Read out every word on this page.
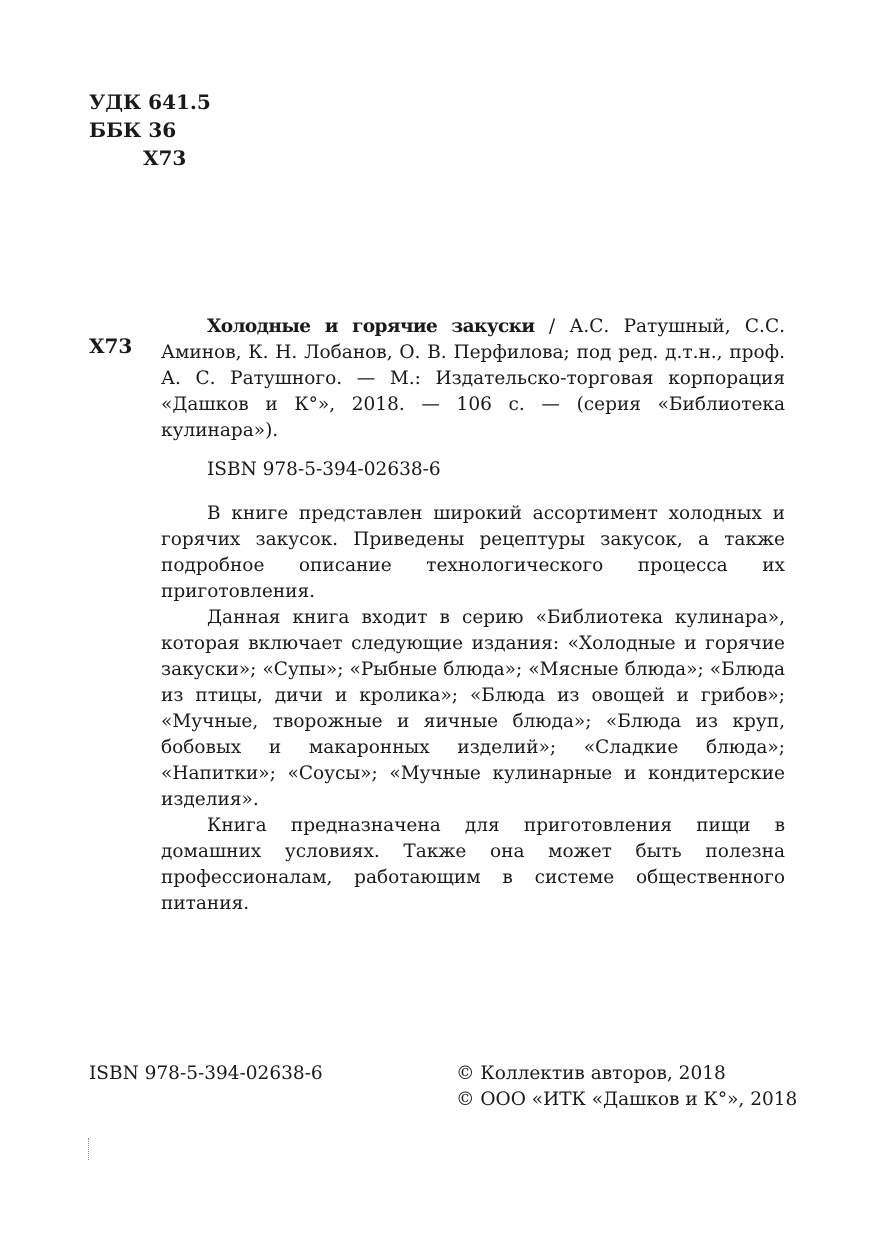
УДК 641.5
ББК 36
Х73
Х73

Холодные и горячие закуски / А.С. Ратушный, С.С. Аминов, К. Н. Лобанов, О. В. Перфилова; под ред. д.т.н., проф. А. С. Ратушного. — М.: Издательско-торговая корпорация «Дашков и К°», 2018. — 106 с. — (серия «Библиотека кулинара»).

ISBN 978-5-394-02638-6

В книге представлен широкий ассортимент холодных и горячих закусок. Приведены рецептуры закусок, а также подробное описание технологического процесса их приготовления.

Данная книга входит в серию «Библиотека кулинара», которая включает следующие издания: «Холодные и горячие закуски»; «Супы»; «Рыбные блюда»; «Мясные блюда»; «Блюда из птицы, дичи и кролика»; «Блюда из овощей и грибов»; «Мучные, творожные и яичные блюда»; «Блюда из круп, бобовых и макаронных изделий»; «Сладкие блюда»; «Напитки»; «Соусы»; «Мучные кулинарные и кондитерские изделия».

Книга предназначена для приготовления пищи в домашних условиях. Также она может быть полезна профессионалам, работающим в системе общественного питания.

ISBN 978-5-394-02638-6	© Коллектив авторов, 2018
© ООО «ИТК «Дашков и К°», 2018
